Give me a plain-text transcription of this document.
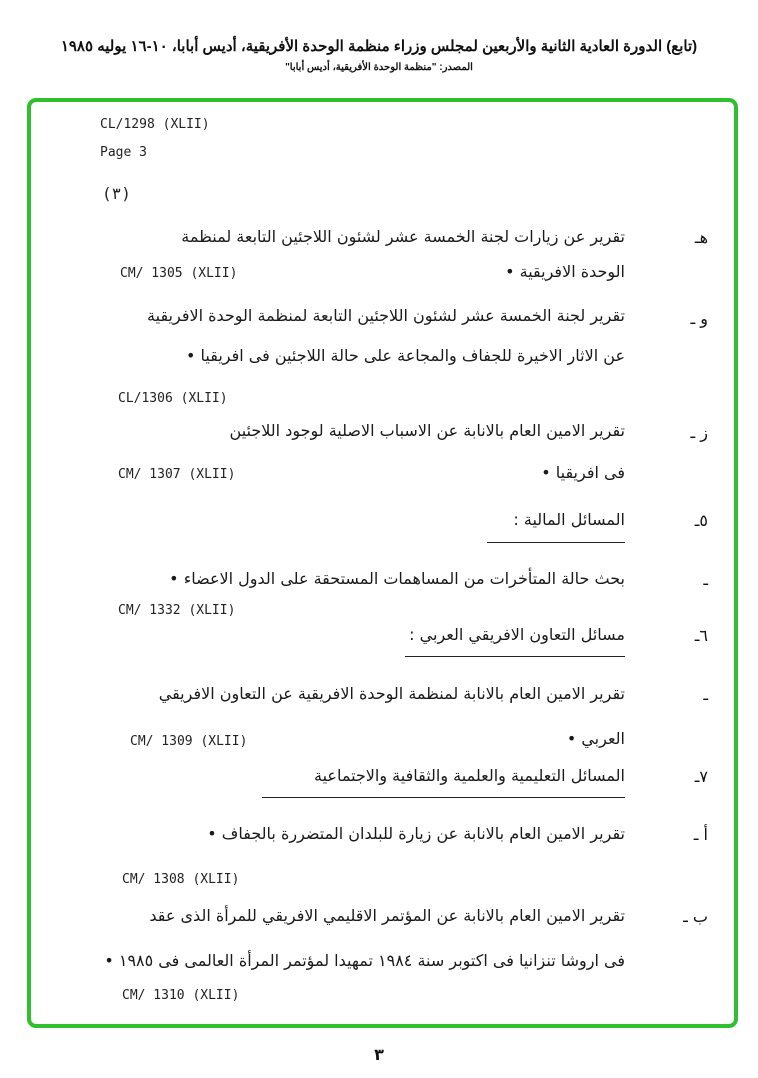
(تابع) الدورة العادية الثانية والأربعين لمجلس وزراء منظمة الوحدة الأفريقية، أديس أبابا، ١٠-١٦ يوليه ١٩٨٥
المصدر: "منظمة الوحدة الأفريقية، أديس أبابا"
CL/1298 (XLII)
Page 3
(٣)
هـ
تقرير عن زيارات لجنة الخمسة عشر لشئون اللاجئين التابعة لمنظمة
الوحدة الافريقية •
CM/ 1305 (XLII)
و ـ
تقرير لجنة الخمسة عشر لشئون اللاجئين التابعة لمنظمة الوحدة الافريقية
عن الاثار الاخيرة للجفاف والمجاعة على حالة اللاجئين فى افريقيا •
CL/1306 (XLII)
ز ـ
تقرير الامين العام بالانابة عن الاسباب الاصلية لوجود اللاجئين
فى افريقيا •
CM/ 1307 (XLII)
٥ـ
المسائل المالية :
ـ
بحث حالة المتأخرات من المساهمات المستحقة على الدول الاعضاء •
CM/ 1332 (XLII)
٦ـ
مسائل التعاون الافريقي العربي :
ـ
تقرير الامين العام بالانابة لمنظمة الوحدة الافريقية عن التعاون الافريقي
العربي •
CM/ 1309 (XLII)
٧ـ
المسائل التعليمية والعلمية والثقافية والاجتماعية
أ ـ
تقرير الامين العام بالانابة عن زيارة للبلدان المتضررة بالجفاف •
CM/ 1308 (XLII)
ب ـ
تقرير الامين العام بالانابة عن المؤتمر الاقليمي الافريقي للمرأة الذى عقد
فى اروشا تنزانيا فى اكتوبر سنة ١٩٨٤ تمهيدا لمؤتمر المرأة العالمى فى ١٩٨٥ •
CM/ 1310 (XLII)
٣
